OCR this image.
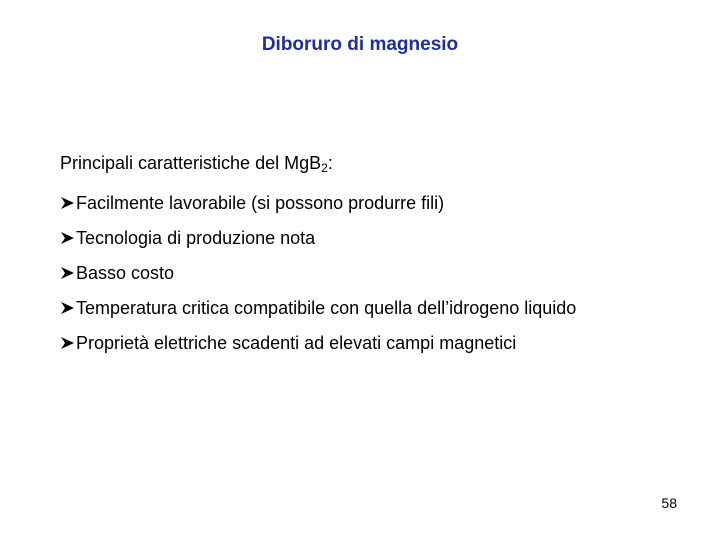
Diboruro di magnesio

Principali caratteristiche del MgB$_2$:

Facilmente lavorabile (si possono produrre fili)
Tecnologia di produzione nota
Basso costo
Temperatura critica compatibile con quella dell’idrogeno liquido
Proprietà elettriche scadenti ad elevati campi magnetici

58
